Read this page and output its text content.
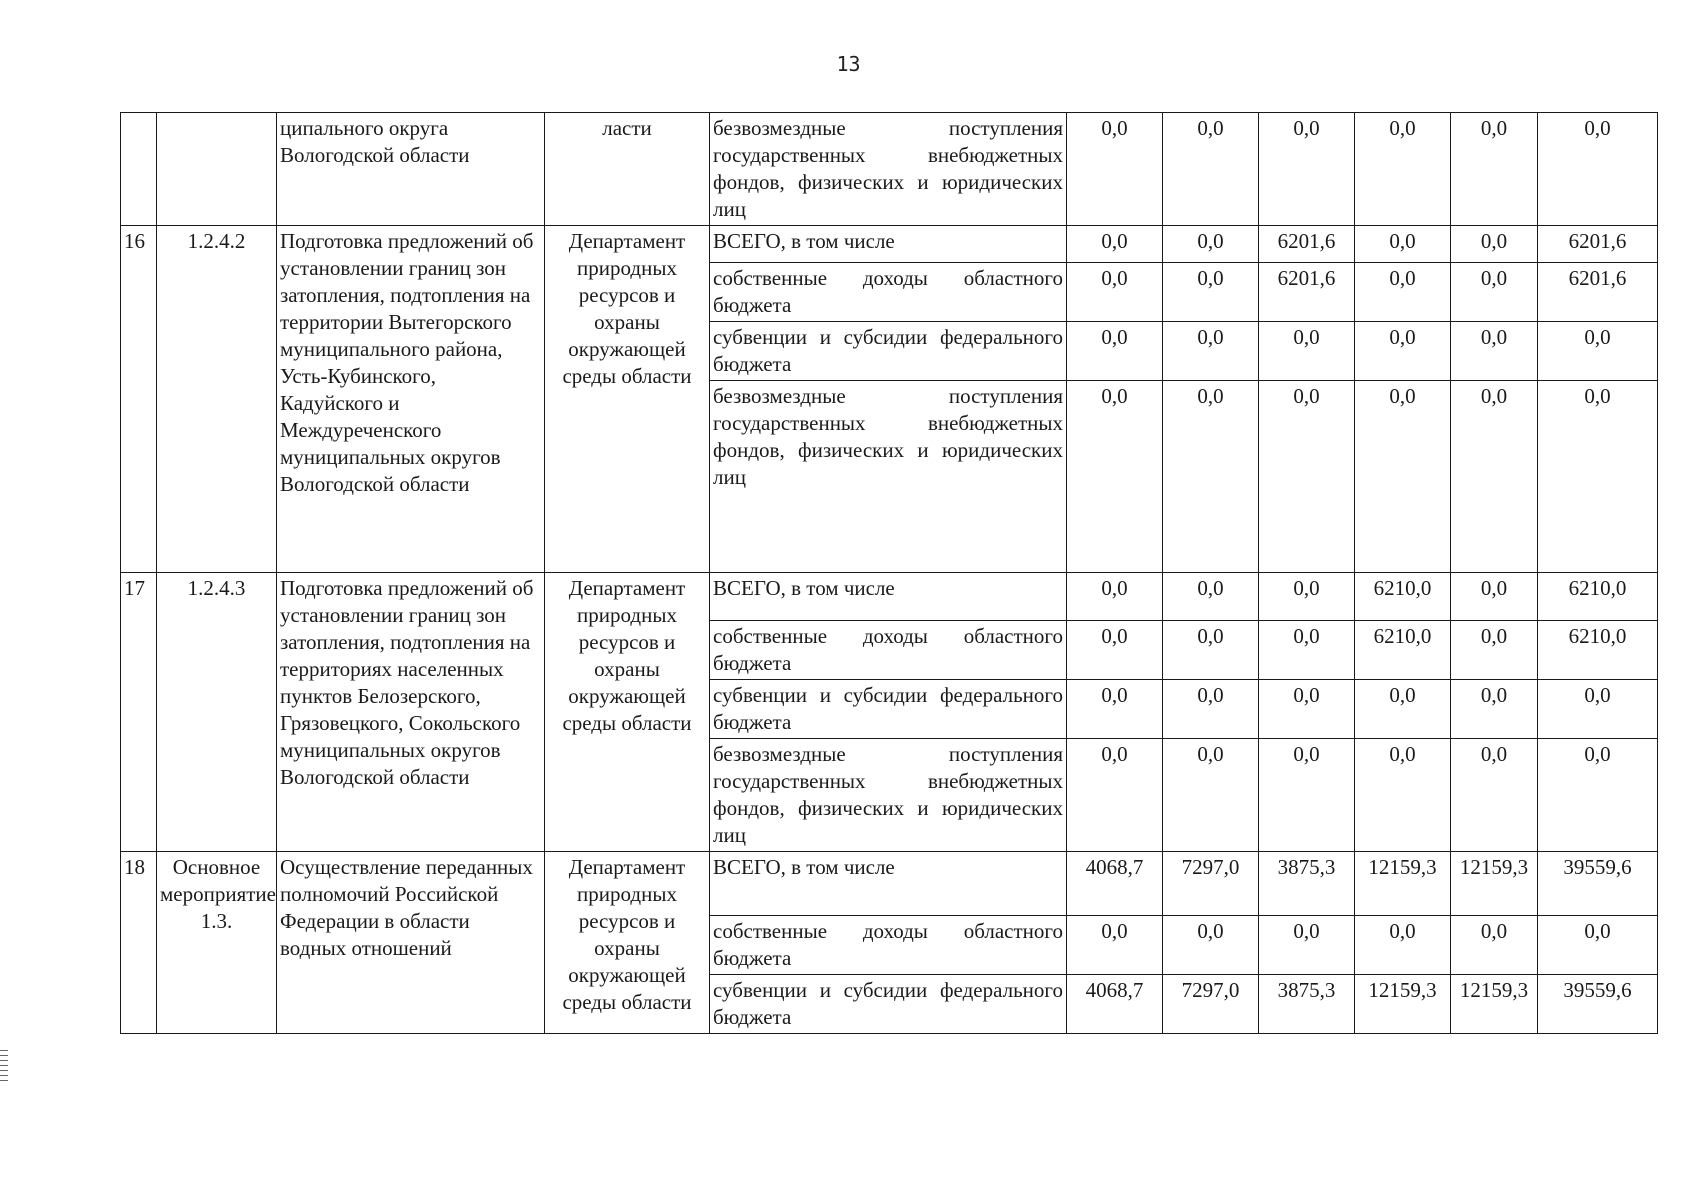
13
		ципального округа Вологодской области	ласти	безвозмездные поступления государственных внебюджетных фондов, физических и юридических лиц	0,0	0,0	0,0	0,0	0,0	0,0
16	1.2.4.2	Подготовка предложений об установлении границ зон затопления, подтопления на территории Вытегорского муниципального района, Усть-Кубинского, Кадуйского и Междуреченского муниципальных округов Вологодской области	Департамент природных ресурсов и охраны окружающей среды области	ВСЕГО, в том числе	0,0	0,0	6201,6	0,0	0,0	6201,6
				собственные доходы областного бюджета	0,0	0,0	6201,6	0,0	0,0	6201,6
				субвенции и субсидии федерального бюджета	0,0	0,0	0,0	0,0	0,0	0,0
				безвозмездные поступления государственных внебюджетных фондов, физических и юридических лиц	0,0	0,0	0,0	0,0	0,0	0,0
17	1.2.4.3	Подготовка предложений об установлении границ зон затопления, подтопления на территориях населенных пунктов Белозерского, Грязовецкого, Сокольского муниципальных округов Вологодской области	Департамент природных ресурсов и охраны окружающей среды области	ВСЕГО, в том числе	0,0	0,0	0,0	6210,0	0,0	6210,0
				собственные доходы областного бюджета	0,0	0,0	0,0	6210,0	0,0	6210,0
				субвенции и субсидии федерального бюджета	0,0	0,0	0,0	0,0	0,0	0,0
				безвозмездные поступления государственных внебюджетных фондов, физических и юридических лиц	0,0	0,0	0,0	0,0	0,0	0,0
18	Основное мероприятие 1.3.	Осуществление переданных полномочий Российской Федерации в области водных отношений	Департамент природных ресурсов и охраны окружающей среды области	ВСЕГО, в том числе	4068,7	7297,0	3875,3	12159,3	12159,3	39559,6
				собственные доходы областного бюджета	0,0	0,0	0,0	0,0	0,0	0,0
				субвенции и субсидии федерального бюджета	4068,7	7297,0	3875,3	12159,3	12159,3	39559,6
